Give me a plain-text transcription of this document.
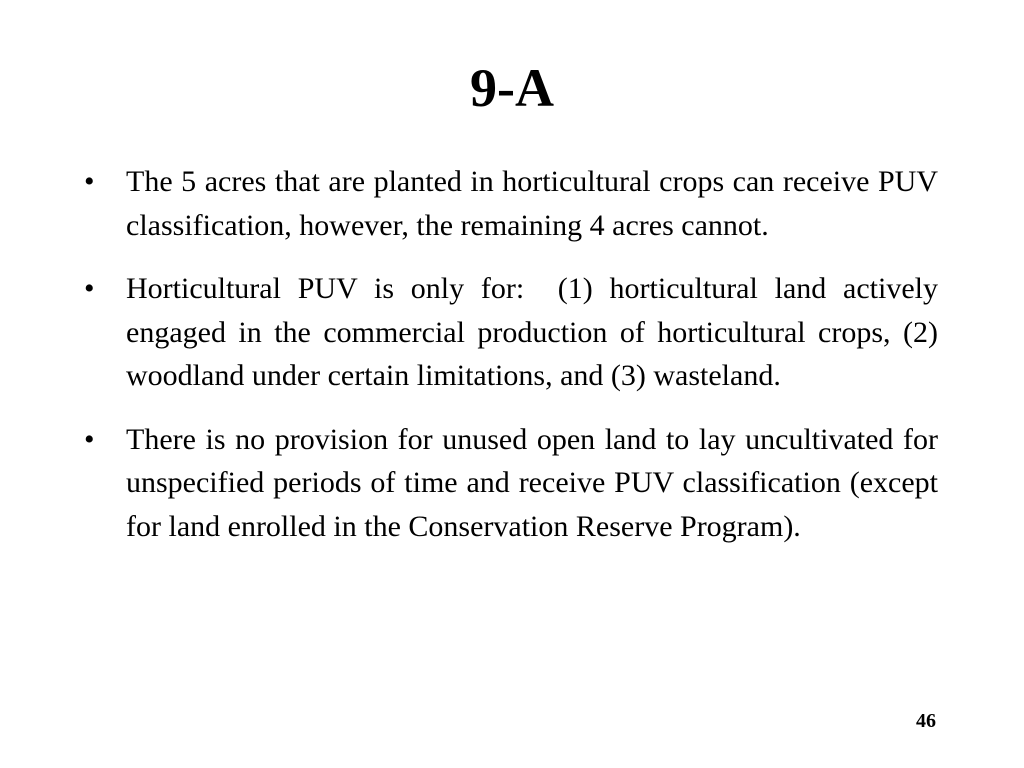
9-A
• The 5 acres that are planted in horticultural crops can receive PUV classification, however, the remaining 4 acres cannot.
• Horticultural PUV is only for:  (1) horticultural land actively engaged in the commercial production of horticultural crops, (2) woodland under certain limitations, and (3) wasteland.
• There is no provision for unused open land to lay uncultivated for unspecified periods of time and receive PUV classification (except for land enrolled in the Conservation Reserve Program).
46
